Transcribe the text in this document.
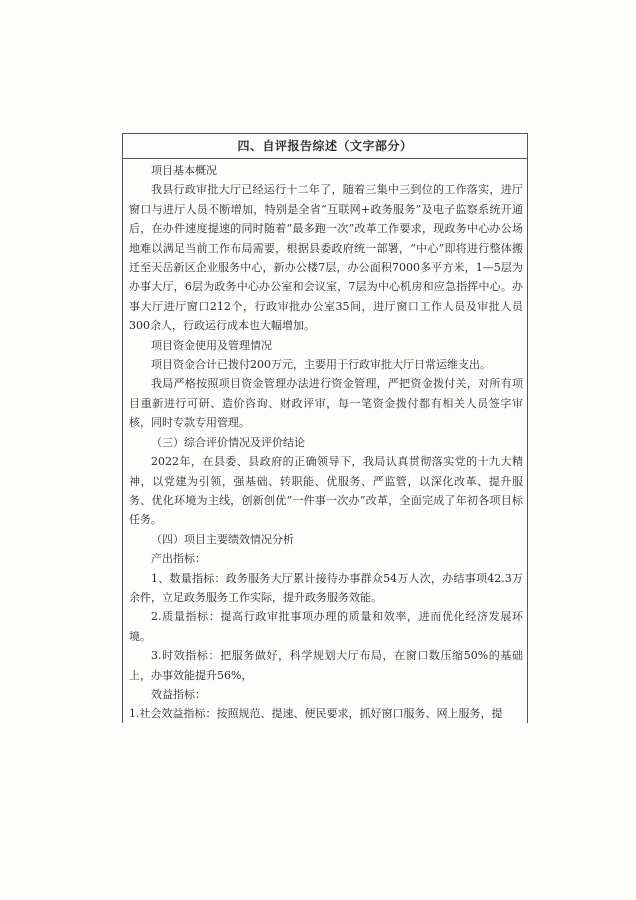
四、自评报告综述（文字部分）

项目基本概况

我县行政审批大厅已经运行十二年了，随着三集中三到位的工作落实，进厅窗口与进厅人员不断增加，特别是全省“互联网+政务服务”及电子监察系统开通后，在办件速度提速的同时随着“最多跑一次”改革工作要求，现政务中心办公场地难以满足当前工作布局需要，根据县委政府统一部署，“中心”即将进行整体搬迁至天岳新区企业服务中心，新办公楼7层，办公面积7000多平方米，1—5层为办事大厅，6层为政务中心办公室和会议室，7层为中心机房和应急指挥中心。办事大厅进厅窗口212个，行政审批办公室35间，进厅窗口工作人员及审批人员300余人，行政运行成本也大幅增加。

项目资金使用及管理情况

项目资金合计已拨付200万元，主要用于行政审批大厅日常运维支出。

我局严格按照项目资金管理办法进行资金管理，严把资金拨付关，对所有项目重新进行可研、造价咨询、财政评审，每一笔资金拨付都有相关人员签字审核，同时专款专用管理。

（三）综合评价情况及评价结论

2022年，在县委、县政府的正确领导下，我局认真贯彻落实党的十九大精神，以党建为引领，强基础、转职能、优服务、严监管，以深化改革、提升服务、优化环境为主线，创新创优“一件事一次办”改革，全面完成了年初各项目标任务。

（四）项目主要绩效情况分析

产出指标：

1、数量指标：政务服务大厅累计接待办事群众54万人次，办结事项42.3万余件，立足政务服务工作实际，提升政务服务效能。

2.质量指标：提高行政审批事项办理的质量和效率，进而优化经济发展环境。

3.时效指标：把服务做好，科学规划大厅布局，在窗口数压缩50%的基础上，办事效能提升56%，

效益指标：

1.社会效益指标：按照规范、提速、便民要求，抓好窗口服务、网上服务，提
